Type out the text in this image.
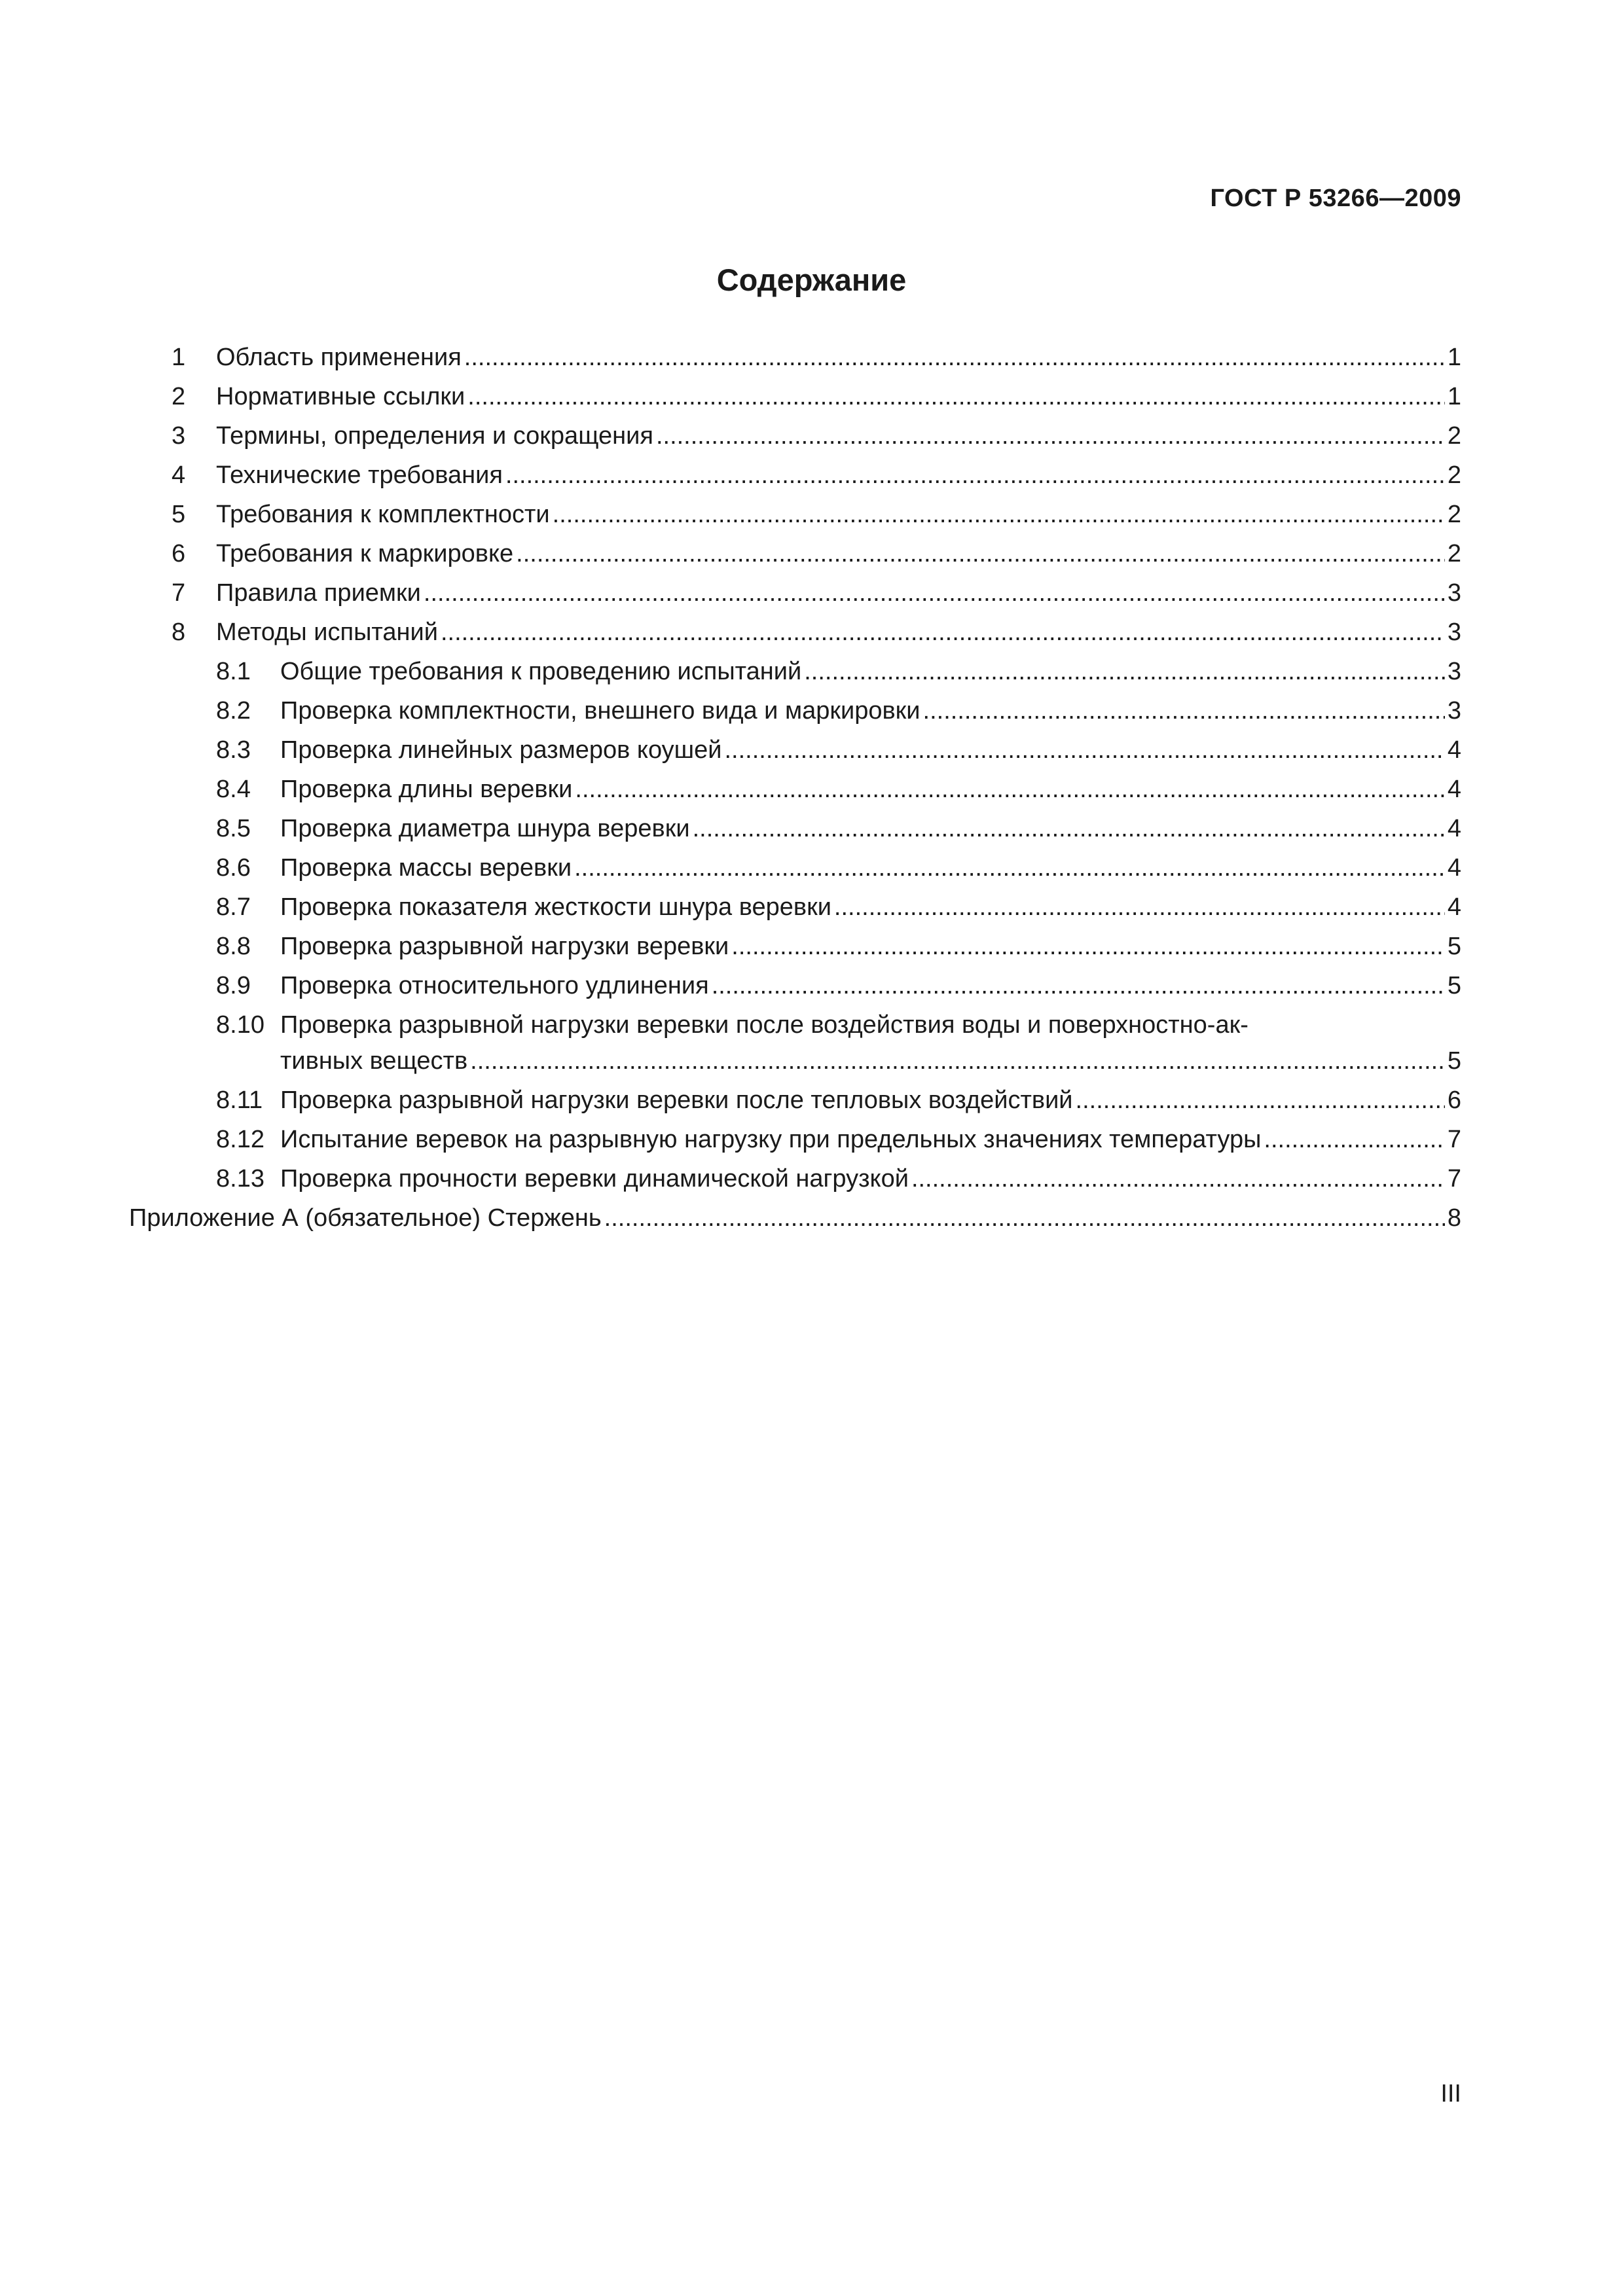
ГОСТ Р 53266—2009
Содержание
1	Область применения .....	1
2	Нормативные ссылки .....	1
3	Термины, определения и сокращения .....	2
4	Технические требования .....	2
5	Требования к комплектности .....	2
6	Требования к маркировке .....	2
7	Правила приемки .....	3
8	Методы испытаний .....	3
8.1	Общие требования к проведению испытаний .....	3
8.2	Проверка комплектности, внешнего вида и маркировки .....	3
8.3	Проверка линейных размеров коушей .....	4
8.4	Проверка длины веревки .....	4
8.5	Проверка диаметра шнура веревки .....	4
8.6	Проверка массы веревки .....	4
8.7	Проверка показателя жесткости шнура веревки .....	4
8.8	Проверка разрывной нагрузки веревки .....	5
8.9	Проверка относительного удлинения .....	5
8.10 Проверка разрывной нагрузки веревки после воздействия воды и поверхностно-ак-
тивных веществ .....	5
8.11 Проверка разрывной нагрузки веревки после тепловых воздействий .....	6
8.12 Испытание веревок на разрывную нагрузку при предельных значениях температуры .....	7
8.13 Проверка прочности веревки динамической нагрузкой .....	7
Приложение А (обязательное) Стержень .....	8
III
